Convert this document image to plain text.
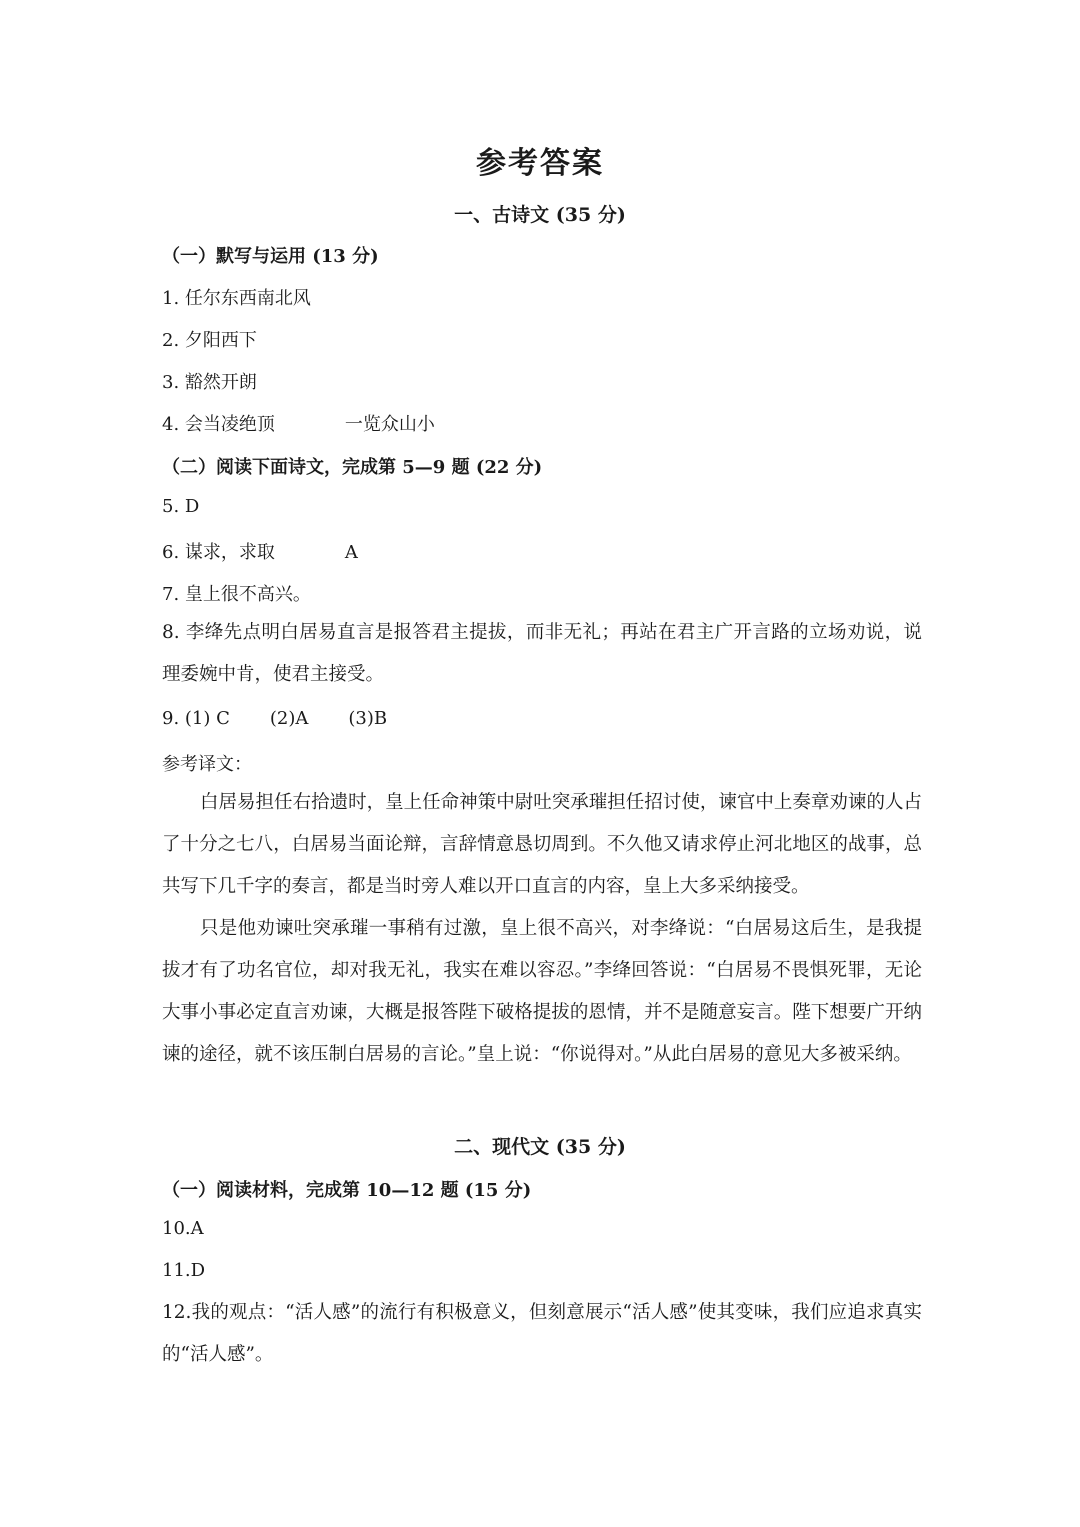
参考答案
一、古诗文 (35 分)
（一）默写与运用 (13 分)
1. 任尔东西南北风
2. 夕阳西下
3. 豁然开朗
4. 会当凌绝顶	一览众山小
（二）阅读下面诗文，完成第 5—9 题 (22 分)
5. D
6. 谋求，求取	A
7. 皇上很不高兴。
8. 李绛先点明白居易直言是报答君主提拔，而非无礼；再站在君主广开言路的立场劝说，说理委婉中肯，使君主接受。
9. (1) C (2)A (3)B
参考译文：
白居易担任右拾遗时，皇上任命神策中尉吐突承璀担任招讨使，谏官中上奏章劝谏的人占了十分之七八，白居易当面论辩，言辞情意恳切周到。不久他又请求停止河北地区的战事，总共写下几千字的奏言，都是当时旁人难以开口直言的内容，皇上大多采纳接受。
只是他劝谏吐突承璀一事稍有过激，皇上很不高兴，对李绛说：“白居易这后生，是我提拔才有了功名官位，却对我无礼，我实在难以容忍。”李绛回答说：“白居易不畏惧死罪，无论大事小事必定直言劝谏，大概是报答陛下破格提拔的恩情，并不是随意妄言。陛下想要广开纳谏的途径，就不该压制白居易的言论。”皇上说：“你说得对。”从此白居易的意见大多被采纳。
二、现代文 (35 分)
（一）阅读材料，完成第 10—12 题 (15 分)
10.A
11.D
12.我的观点：“活人感”的流行有积极意义，但刻意展示“活人感”使其变味，我们应追求真实的“活人感”。
